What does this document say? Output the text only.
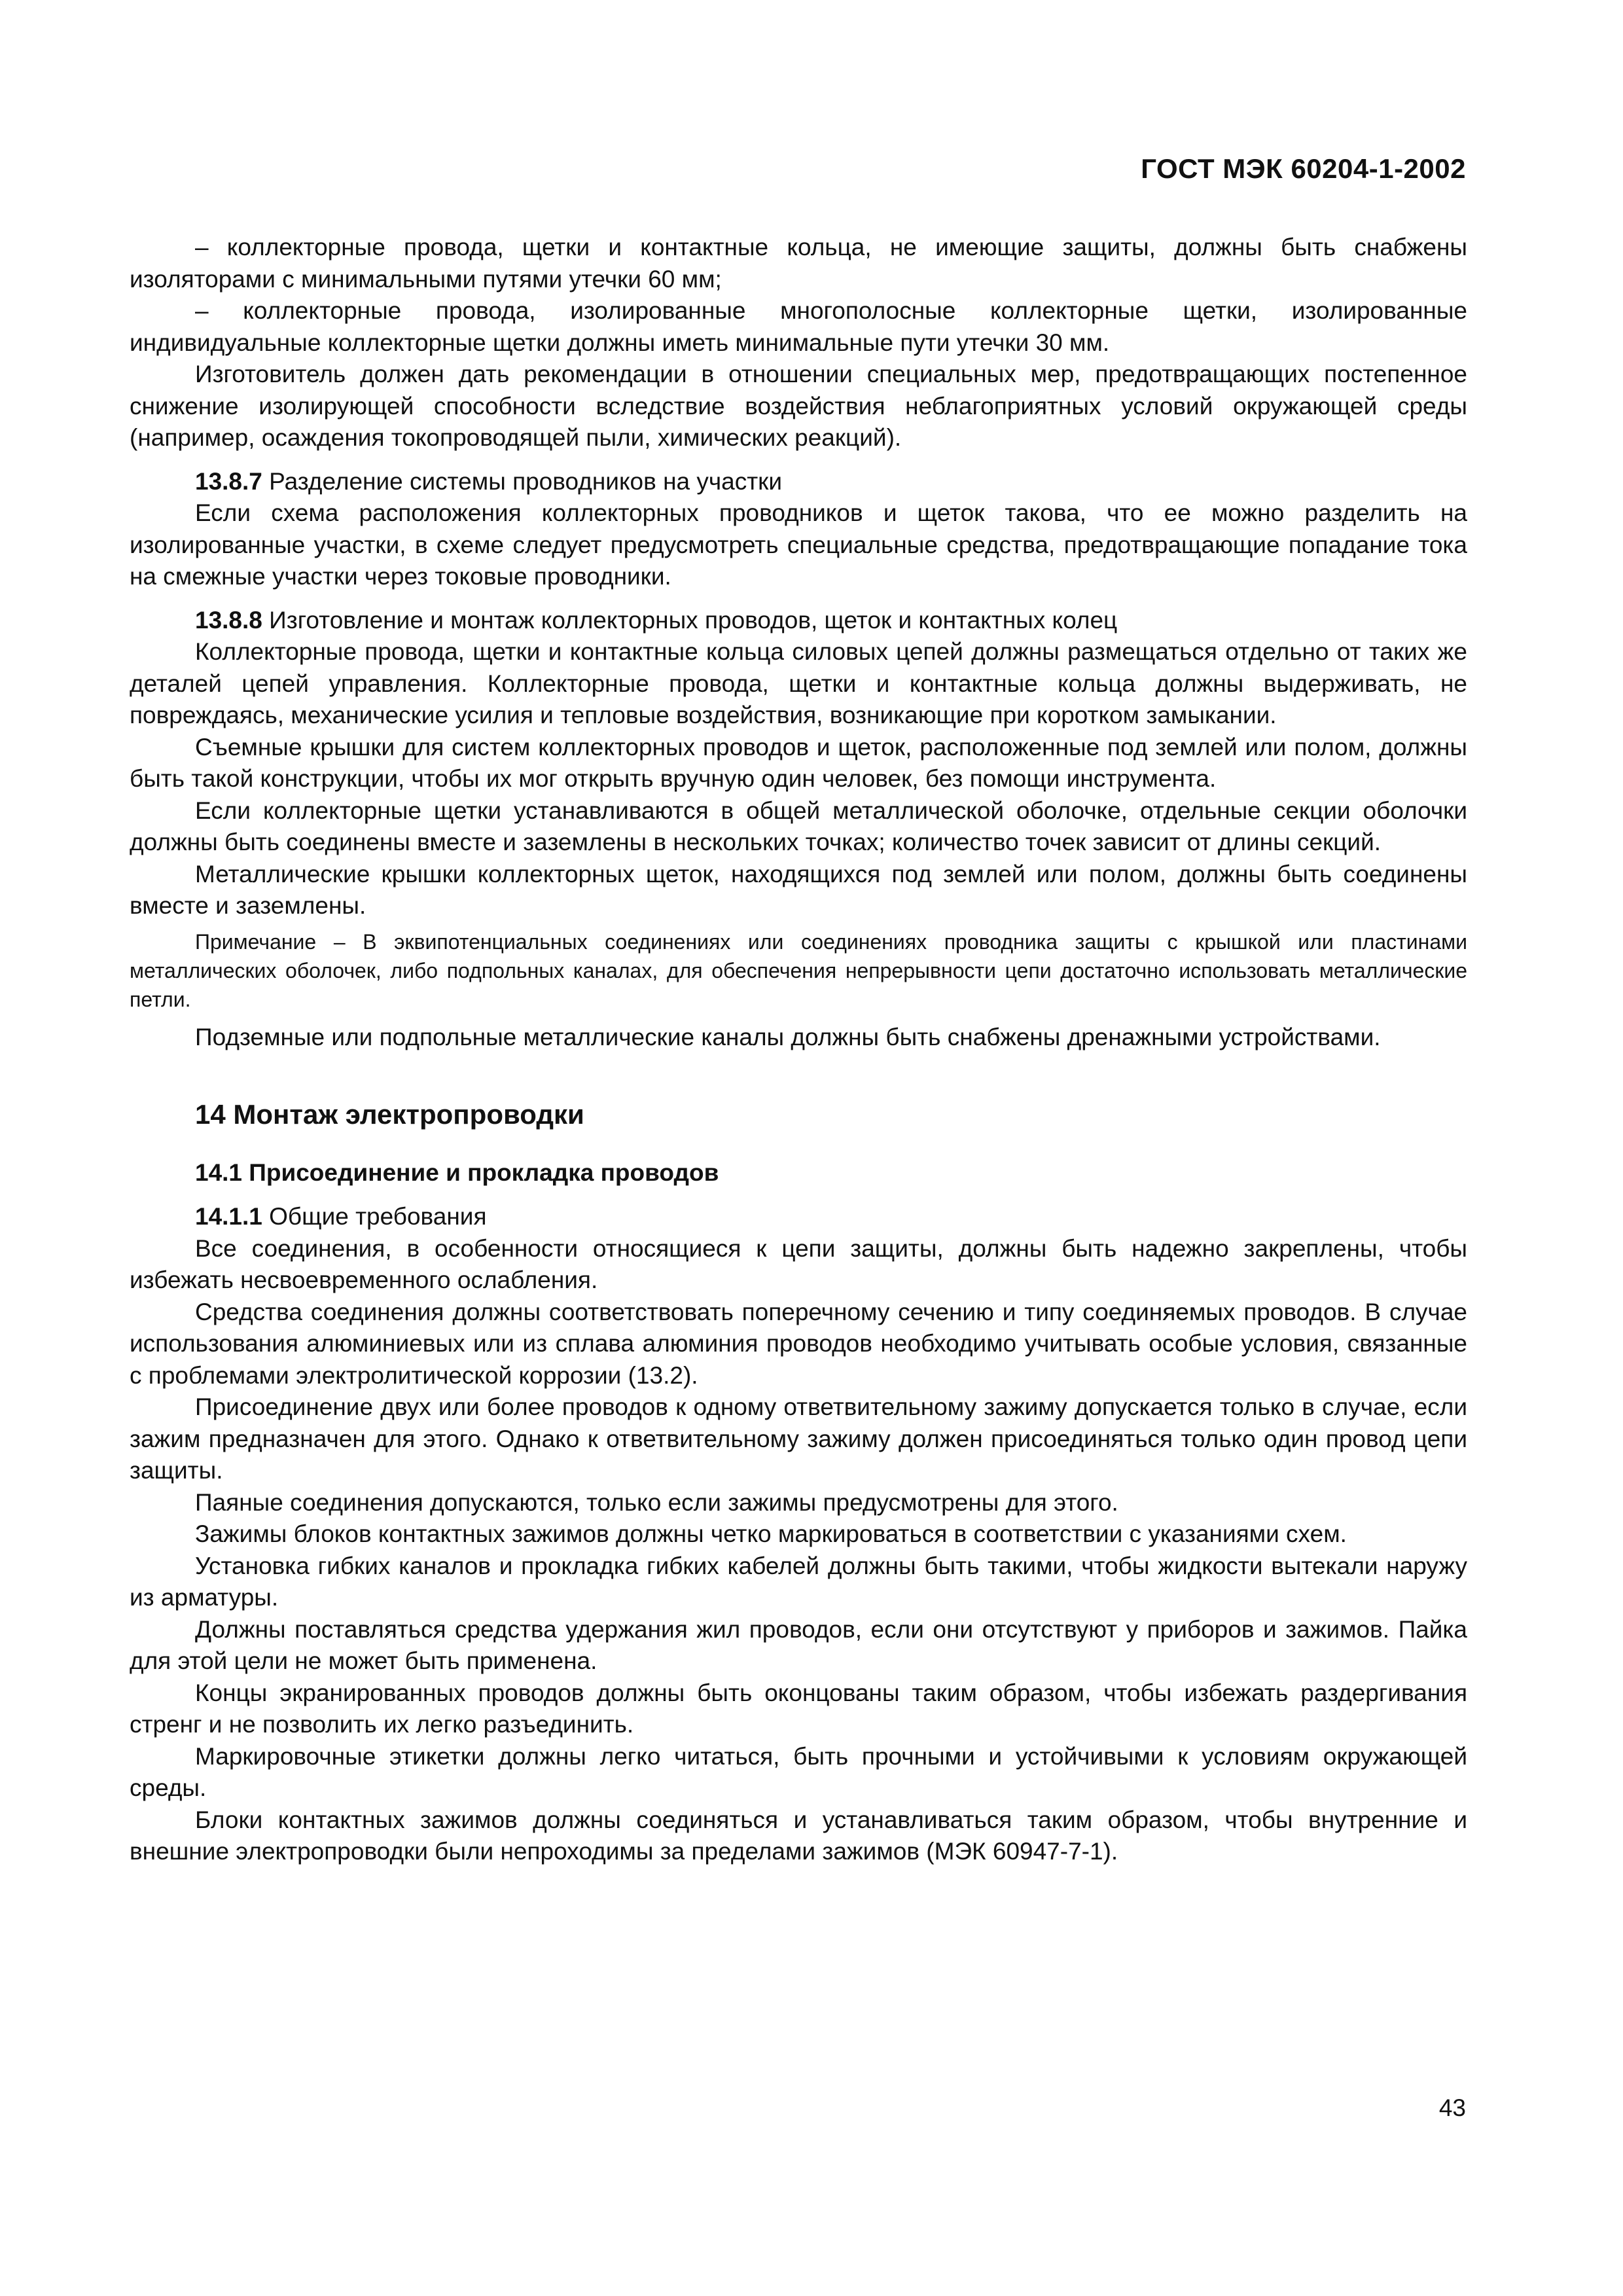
ГОСТ МЭК 60204-1-2002

– коллекторные провода, щетки и контактные кольца, не имеющие защиты, должны быть снабжены изоляторами с минимальными путями утечки 60 мм;

– коллекторные провода, изолированные многополосные коллекторные щетки, изолированные индивидуальные коллекторные щетки должны иметь минимальные пути утечки 30 мм.

Изготовитель должен дать рекомендации в отношении специальных мер, предотвращающих постепенное снижение изолирующей способности вследствие воздействия неблагоприятных условий окружающей среды (например, осаждения токопроводящей пыли, химических реакций).

13.8.7 Разделение системы проводников на участки

Если схема расположения коллекторных проводников и щеток такова, что ее можно разделить на изолированные участки, в схеме следует предусмотреть специальные средства, предотвращающие попадание тока на смежные участки через токовые проводники.

13.8.8 Изготовление и монтаж коллекторных проводов, щеток и контактных колец

Коллекторные провода, щетки и контактные кольца силовых цепей должны размещаться отдельно от таких же деталей цепей управления. Коллекторные провода, щетки и контактные кольца должны выдерживать, не повреждаясь, механические усилия и тепловые воздействия, возникающие при коротком замыкании.

Съемные крышки для систем коллекторных проводов и щеток, расположенные под землей или полом, должны быть такой конструкции, чтобы их мог открыть вручную один человек, без помощи инструмента.

Если коллекторные щетки устанавливаются в общей металлической оболочке, отдельные секции оболочки должны быть соединены вместе и заземлены в нескольких точках; количество точек зависит от длины секций.

Металлические крышки коллекторных щеток, находящихся под землей или полом, должны быть соединены вместе и заземлены.

Примечание – В эквипотенциальных соединениях или соединениях проводника защиты с крышкой или пластинами металлических оболочек, либо подпольных каналах, для обеспечения непрерывности цепи достаточно использовать металлические петли.

Подземные или подпольные металлические каналы должны быть снабжены дренажными устройствами.

14 Монтаж электропроводки
14.1 Присоединение и прокладка проводов

14.1.1 Общие требования

Все соединения, в особенности относящиеся к цепи защиты, должны быть надежно закреплены, чтобы избежать несвоевременного ослабления.

Средства соединения должны соответствовать поперечному сечению и типу соединяемых проводов. В случае использования алюминиевых или из сплава алюминия проводов необходимо учитывать особые условия, связанные с проблемами электролитической коррозии (13.2).

Присоединение двух или более проводов к одному ответвительному зажиму допускается только в случае, если зажим предназначен для этого. Однако к ответвительному зажиму должен присоединяться только один провод цепи защиты.

Паяные соединения допускаются, только если зажимы предусмотрены для этого.

Зажимы блоков контактных зажимов должны четко маркироваться в соответствии с указаниями схем.

Установка гибких каналов и прокладка гибких кабелей должны быть такими, чтобы жидкости вытекали наружу из арматуры.

Должны поставляться средства удержания жил проводов, если они отсутствуют у приборов и зажимов. Пайка для этой цели не может быть применена.

Концы экранированных проводов должны быть оконцованы таким образом, чтобы избежать раздергивания стренг и не позволить их легко разъединить.

Маркировочные этикетки должны легко читаться, быть прочными и устойчивыми к условиям окружающей среды.

Блоки контактных зажимов должны соединяться и устанавливаться таким образом, чтобы внутренние и внешние электропроводки были непроходимы за пределами зажимов (МЭК 60947-7-1).

43
